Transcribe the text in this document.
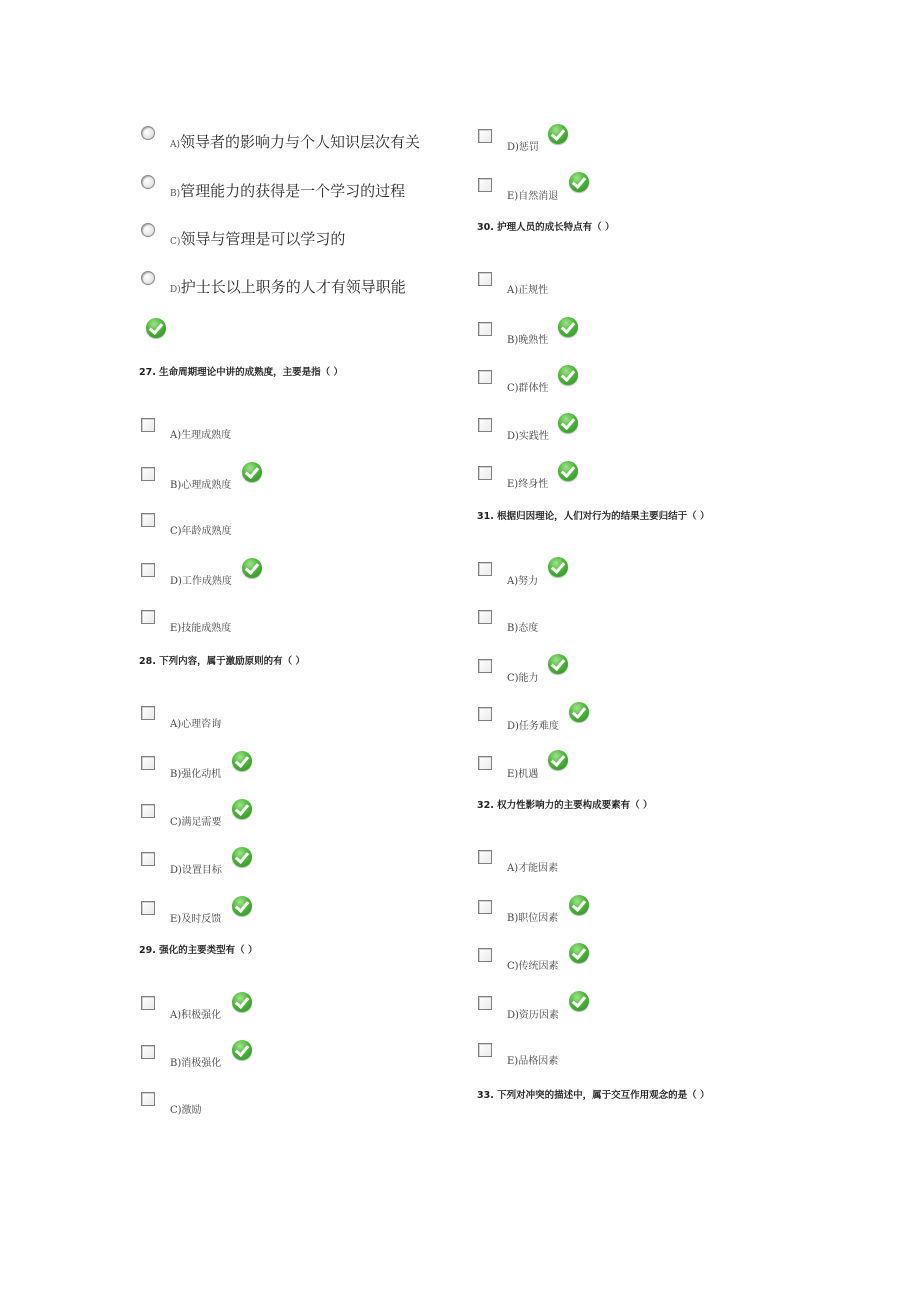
A)领导者的影响力与个人知识层次有关
B)管理能力的获得是一个学习的过程
C)领导与管理是可以学习的
D)护士长以上职务的人才有领导职能
27. 生命周期理论中讲的成熟度，主要是指（ ）
A)生理成熟度
B)心理成熟度
C)年龄成熟度
D)工作成熟度
E)技能成熟度
28. 下列内容，属于激励原则的有（ ）
A)心理咨询
B)强化动机
C)满足需要
D)设置目标
E)及时反馈
29. 强化的主要类型有（ ）
A)积极强化
B)消极强化
C)激励
D)惩罚
E)自然消退
30. 护理人员的成长特点有（ ）
A)正规性
B)晚熟性
C)群体性
D)实践性
E)终身性
31. 根据归因理论，人们对行为的结果主要归结于（ ）
A)努力
B)态度
C)能力
D)任务难度
E)机遇
32. 权力性影响力的主要构成要素有（ ）
A)才能因素
B)职位因素
C)传统因素
D)资历因素
E)品格因素
33. 下列对冲突的描述中，属于交互作用观念的是（ ）
